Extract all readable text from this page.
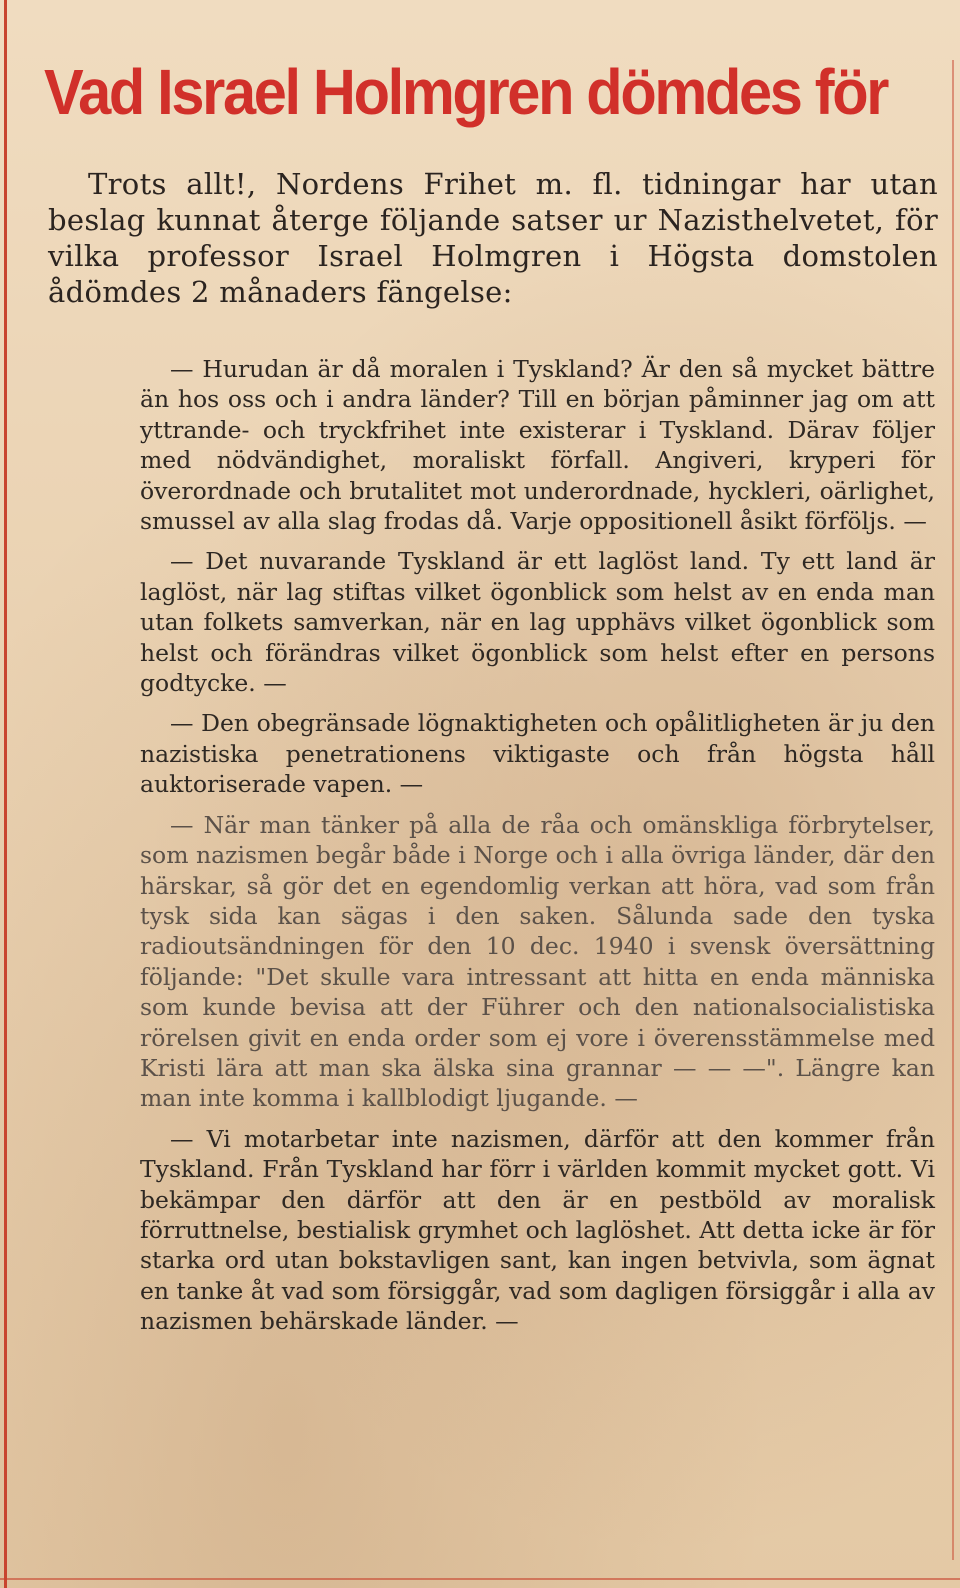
Vad Israel Holmgren dömdes för

Trots allt!, Nordens Frihet m. fl. tidningar har utan beslag kunnat återge följande satser ur Nazisthelvetet, för vilka professor Israel Holmgren i Högsta domstolen ådömdes 2 månaders fängelse:

— Hurudan är då moralen i Tyskland? Är den så mycket bättre än hos oss och i andra länder? Till en början påminner jag om att yttrande- och tryckfrihet inte existerar i Tyskland. Därav följer med nödvändighet, moraliskt förfall. Angiveri, kryperi för överordnade och brutalitet mot underordnade, hyckleri, oärlighet, smussel av alla slag frodas då. Varje oppositionell åsikt förföljs. —

— Det nuvarande Tyskland är ett laglöst land. Ty ett land är laglöst, när lag stiftas vilket ögonblick som helst av en enda man utan folkets samverkan, när en lag upphävs vilket ögonblick som helst och förändras vilket ögonblick som helst efter en persons godtycke. —

— Den obegränsade lögnaktigheten och opålitligheten är ju den nazistiska penetrationens viktigaste och från högsta håll auktoriserade vapen. —

— När man tänker på alla de råa och omänskliga förbrytelser, som nazismen begår både i Norge och i alla övriga länder, där den härskar, så gör det en egendomlig verkan att höra, vad som från tysk sida kan sägas i den saken. Sålunda sade den tyska radioutsändningen för den 10 dec. 1940 i svensk översättning följande: "Det skulle vara intressant att hitta en enda människa som kunde bevisa att der Führer och den nationalsocialistiska rörelsen givit en enda order som ej vore i överensstämmelse med Kristi lära att man ska älska sina grannar — — —". Längre kan man inte komma i kallblodigt ljugande. —

— Vi motarbetar inte nazismen, därför att den kommer från Tyskland. Från Tyskland har förr i världen kommit mycket gott. Vi bekämpar den därför att den är en pestböld av moralisk förruttnelse, bestialisk grymhet och laglöshet. Att detta icke är för starka ord utan bokstavligen sant, kan ingen betvivla, som ägnat en tanke åt vad som försiggår, vad som dagligen försiggår i alla av nazismen behärskade länder. —
